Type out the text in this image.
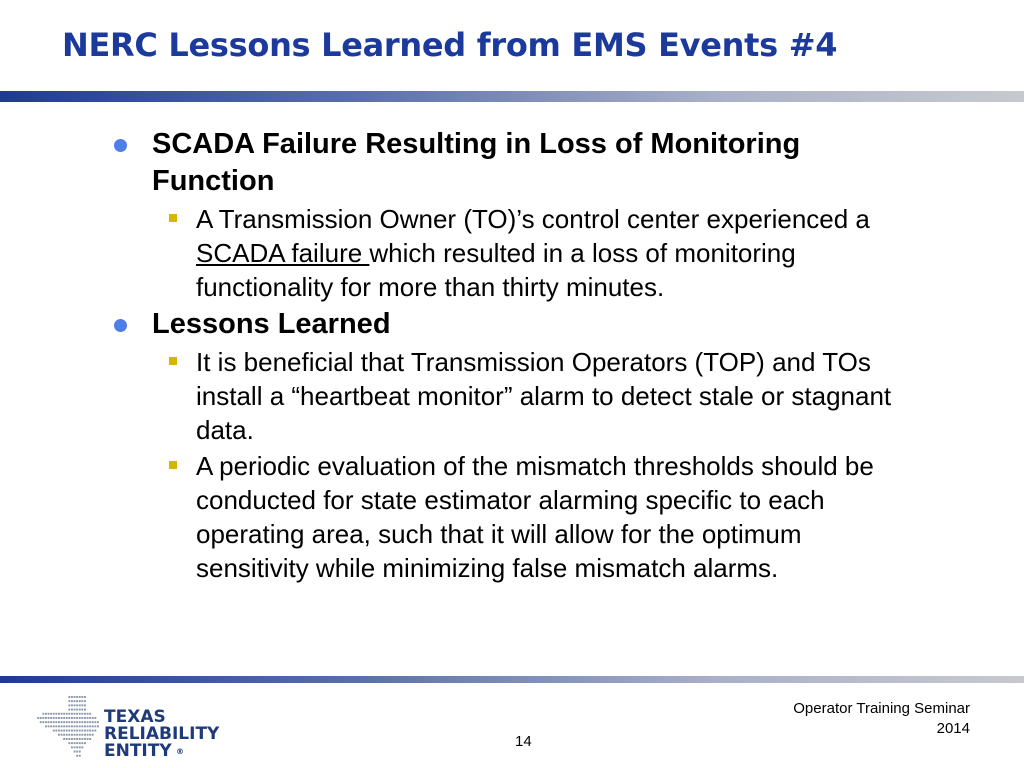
NERC Lessons Learned from EMS Events #4
SCADA Failure Resulting in Loss of Monitoring Function
A Transmission Owner (TO)’s control center experienced a SCADA failure which resulted in a loss of monitoring functionality for more than thirty minutes.
Lessons Learned
It is beneficial that Transmission Operators (TOP) and TOs install a “heartbeat monitor” alarm to detect stale or stagnant data.
A periodic evaluation of the mismatch thresholds should be conducted for state estimator alarming specific to each operating area, such that it will allow for the optimum sensitivity while minimizing false mismatch alarms.
TEXAS
RELIABILITY
ENTITY ®
14
Operator Training Seminar
2014
